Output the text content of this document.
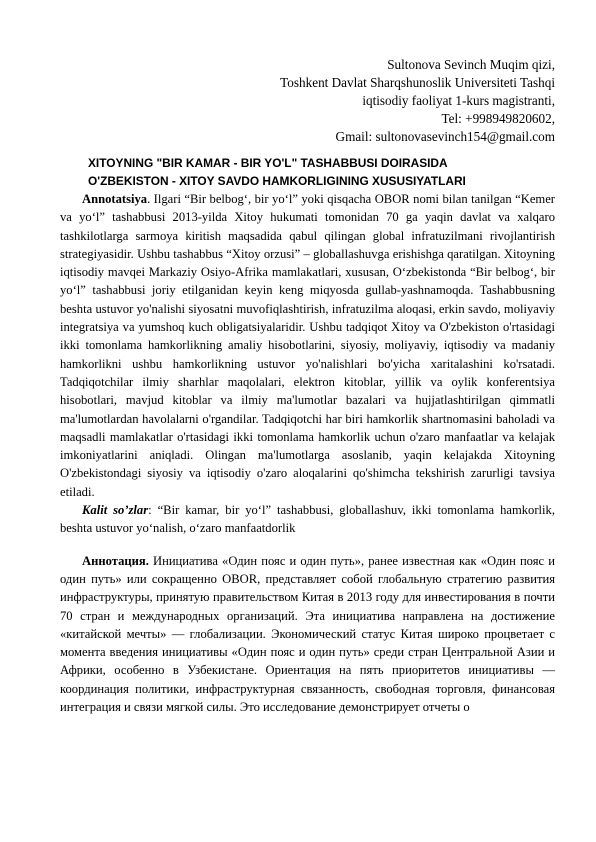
Sultonova Sevinch Muqim qizi,
Toshkent Davlat Sharqshunoslik Universiteti Tashqi
iqtisodiy faoliyat 1-kurs magistranti,
Tel: +998949820602,
Gmail: sultonovasevinch154@gmail.com
XITOYNING "BIR KAMAR - BIR YO'L" TASHABBUSI DOIRASIDA
O'ZBEKISTON - XITOY SAVDO HAMKORLIGINING XUSUSIYATLARI

Annotatsiya. Ilgari “Bir belbog‘, bir yo‘l” yoki qisqacha OBOR nomi bilan tanilgan “Kemer va yo‘l” tashabbusi 2013-yilda Xitoy hukumati tomonidan 70 ga yaqin davlat va xalqaro tashkilotlarga sarmoya kiritish maqsadida qabul qilingan global infratuzilmani rivojlantirish strategiyasidir. Ushbu tashabbus “Xitoy orzusi” – globallashuvga erishishga qaratilgan. Xitoyning iqtisodiy mavqei Markaziy Osiyo-Afrika mamlakatlari, xususan, O‘zbekistonda “Bir belbog‘, bir yo‘l” tashabbusi joriy etilganidan keyin keng miqyosda gullab-yashnamoqda. Tashabbusning beshta ustuvor yo'nalishi siyosatni muvofiqlashtirish, infratuzilma aloqasi, erkin savdo, moliyaviy integratsiya va yumshoq kuch obligatsiyalaridir. Ushbu tadqiqot Xitoy va O'zbekiston o'rtasidagi ikki tomonlama hamkorlikning amaliy hisobotlarini, siyosiy, moliyaviy, iqtisodiy va madaniy hamkorlikni ushbu hamkorlikning ustuvor yo'nalishlari bo'yicha xaritalashini ko'rsatadi. Tadqiqotchilar ilmiy sharhlar maqolalari, elektron kitoblar, yillik va oylik konferentsiya hisobotlari, mavjud kitoblar va ilmiy ma'lumotlar bazalari va hujjatlashtirilgan qimmatli ma'lumotlardan havolalarni o'rgandilar. Tadqiqotchi har biri hamkorlik shartnomasini baholadi va maqsadli mamlakatlar o'rtasidagi ikki tomonlama hamkorlik uchun o'zaro manfaatlar va kelajak imkoniyatlarini aniqladi. Olingan ma'lumotlarga asoslanib, yaqin kelajakda Xitoyning O'zbekistondagi siyosiy va iqtisodiy o'zaro aloqalarini qo'shimcha tekshirish zarurligi tavsiya etiladi.

Kalit so’zlar: “Bir kamar, bir yo‘l” tashabbusi, globallashuv, ikki tomonlama hamkorlik, beshta ustuvor yo‘nalish, o‘zaro manfaatdorlik

Аннотация. Инициатива «Один пояс и один путь», ранее известная как «Один пояс и один путь» или сокращенно OBOR, представляет собой глобальную стратегию развития инфраструктуры, принятую правительством Китая в 2013 году для инвестирования в почти 70 стран и международных организаций. Эта инициатива направлена на достижение «китайской мечты» — глобализации. Экономический статус Китая широко процветает с момента введения инициативы «Один пояс и один путь» среди стран Центральной Азии и Африки, особенно в Узбекистане. Ориентация на пять приоритетов инициативы — координация политики, инфраструктурная связанность, свободная торговля, финансовая интеграция и связи мягкой силы. Это исследование демонстрирует отчеты о
